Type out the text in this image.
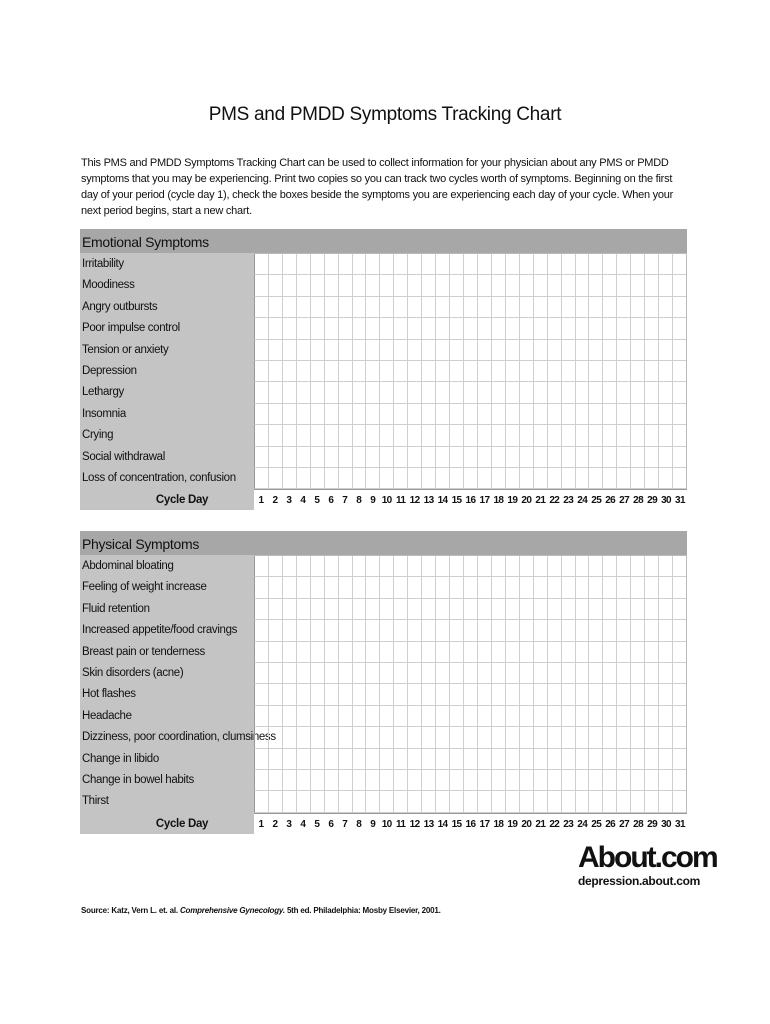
PMS and PMDD Symptoms Tracking Chart
This PMS and PMDD Symptoms Tracking Chart can be used to collect information for your physician about any PMS or PMDD symptoms that you may be experiencing. Print two copies so you can track two cycles worth of symptoms. Beginning on the first day of your period (cycle day 1), check the boxes beside the symptoms you are experiencing each day of your cycle. When your next period begins, start a new chart.
Emotional Symptoms
Irritability
Moodiness
Angry outbursts
Poor impulse control
Tension or anxiety
Depression
Lethargy
Insomnia
Crying
Social withdrawal
Loss of concentration, confusion
Cycle Day	1 2 3 4 5 6 7 8 9 10 11 12 13 14 15 16 17 18 19 20 21 22 23 24 25 26 27 28 29 30 31
Physical Symptoms
Abdominal bloating
Feeling of weight increase
Fluid retention
Increased appetite/food cravings
Breast pain or tenderness
Skin disorders (acne)
Hot flashes
Headache
Dizziness, poor coordination, clumsiness
Change in libido
Change in bowel habits
Thirst
Cycle Day	1 2 3 4 5 6 7 8 9 10 11 12 13 14 15 16 17 18 19 20 21 22 23 24 25 26 27 28 29 30 31
About.com
depression.about.com
Source: Katz, Vern L. et. al. Comprehensive Gynecology. 5th ed. Philadelphia: Mosby Elsevier, 2001.
